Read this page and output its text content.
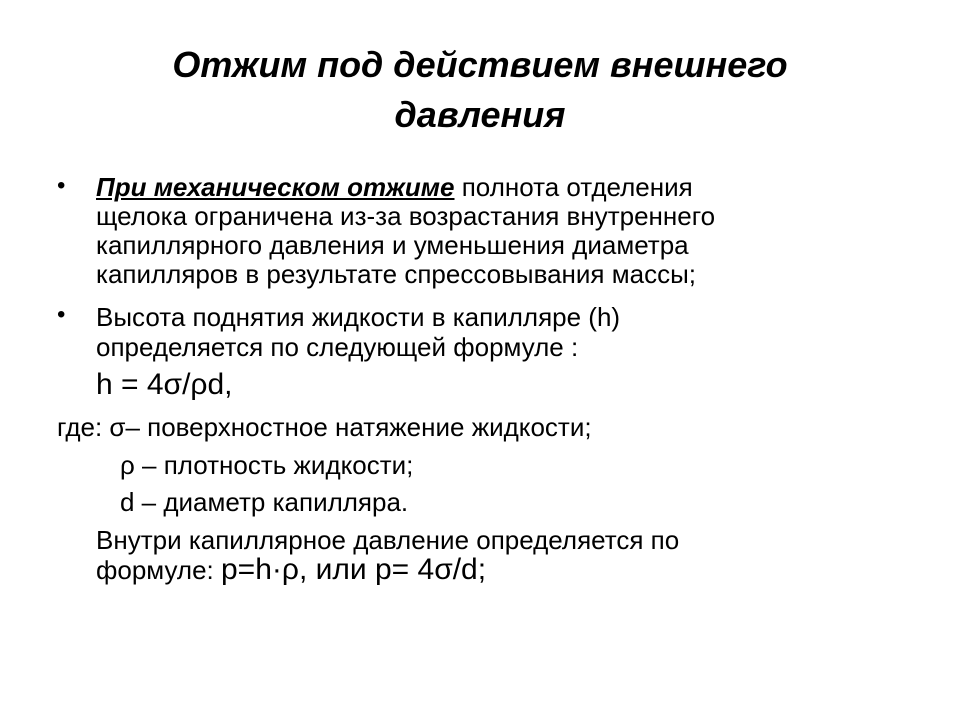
Отжим под действием внешнего
давления
• При механическом отжиме полнота отделения
щелока ограничена из-за возрастания внутреннего
капиллярного давления и уменьшения диаметра
капилляров в результате спрессовывания массы;
• Высота поднятия жидкости в капилляре (h)
определяется по следующей формуле :
h = 4σ/ρd,
где: σ– поверхностное натяжение жидкости;
ρ – плотность жидкости;
d – диаметр капилляра.
Внутри капиллярное давление определяется по
формуле: p=h·ρ, или p= 4σ/d;
